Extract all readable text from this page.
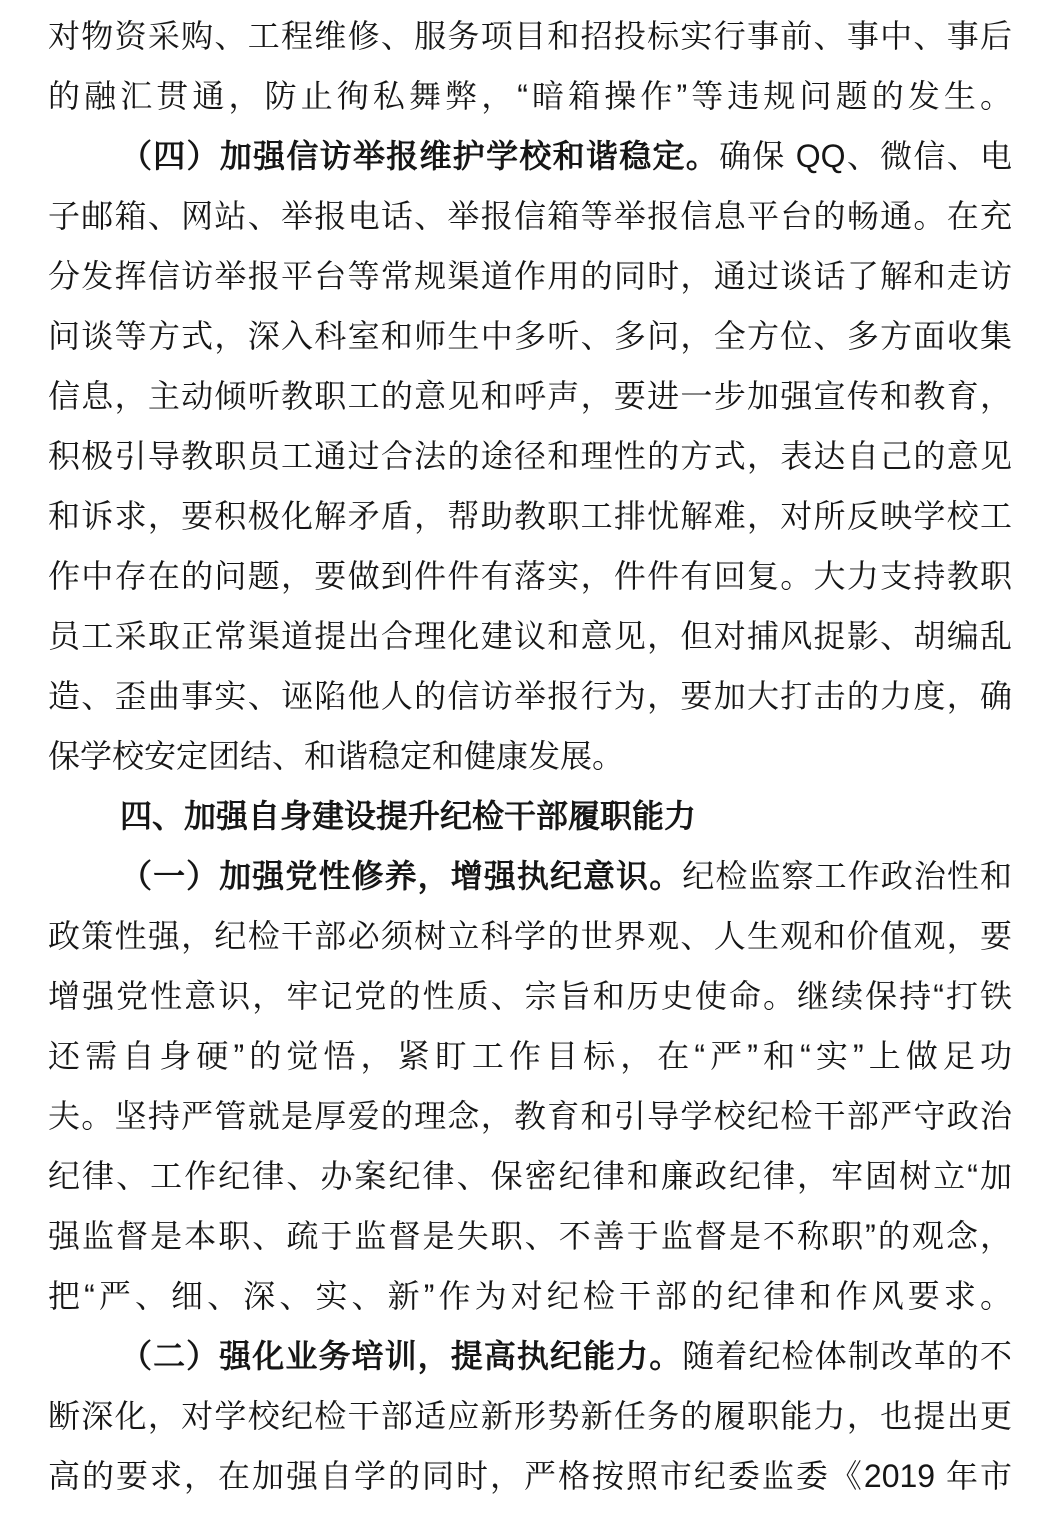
对物资采购、工程维修、服务项目和招投标实行事前、事中、事后
的融汇贯通，防止徇私舞弊，“暗箱操作”等违规问题的发生。
（四）加强信访举报维护学校和谐稳定。确保 QQ、微信、电
子邮箱、网站、举报电话、举报信箱等举报信息平台的畅通。在充
分发挥信访举报平台等常规渠道作用的同时，通过谈话了解和走访
问谈等方式，深入科室和师生中多听、多问，全方位、多方面收集
信息，主动倾听教职工的意见和呼声，要进一步加强宣传和教育，
积极引导教职员工通过合法的途径和理性的方式，表达自己的意见
和诉求，要积极化解矛盾，帮助教职工排忧解难，对所反映学校工
作中存在的问题，要做到件件有落实，件件有回复。大力支持教职
员工采取正常渠道提出合理化建议和意见，但对捕风捉影、胡编乱
造、歪曲事实、诬陷他人的信访举报行为，要加大打击的力度，确
保学校安定团结、和谐稳定和健康发展。
四、加强自身建设提升纪检干部履职能力
（一）加强党性修养，增强执纪意识。纪检监察工作政治性和
政策性强，纪检干部必须树立科学的世界观、人生观和价值观，要
增强党性意识，牢记党的性质、宗旨和历史使命。继续保持“打铁
还需自身硬”的觉悟，紧盯工作目标，在“严”和“实”上做足功
夫。坚持严管就是厚爱的理念，教育和引导学校纪检干部严守政治
纪律、工作纪律、办案纪律、保密纪律和廉政纪律，牢固树立“加
强监督是本职、疏于监督是失职、不善于监督是不称职”的观念，
把“严、细、深、实、新”作为对纪检干部的纪律和作风要求。
（二）强化业务培训，提高执纪能力。随着纪检体制改革的不
断深化，对学校纪检干部适应新形势新任务的履职能力，也提出更
高的要求，在加强自学的同时，严格按照市纪委监委《2019 年市
